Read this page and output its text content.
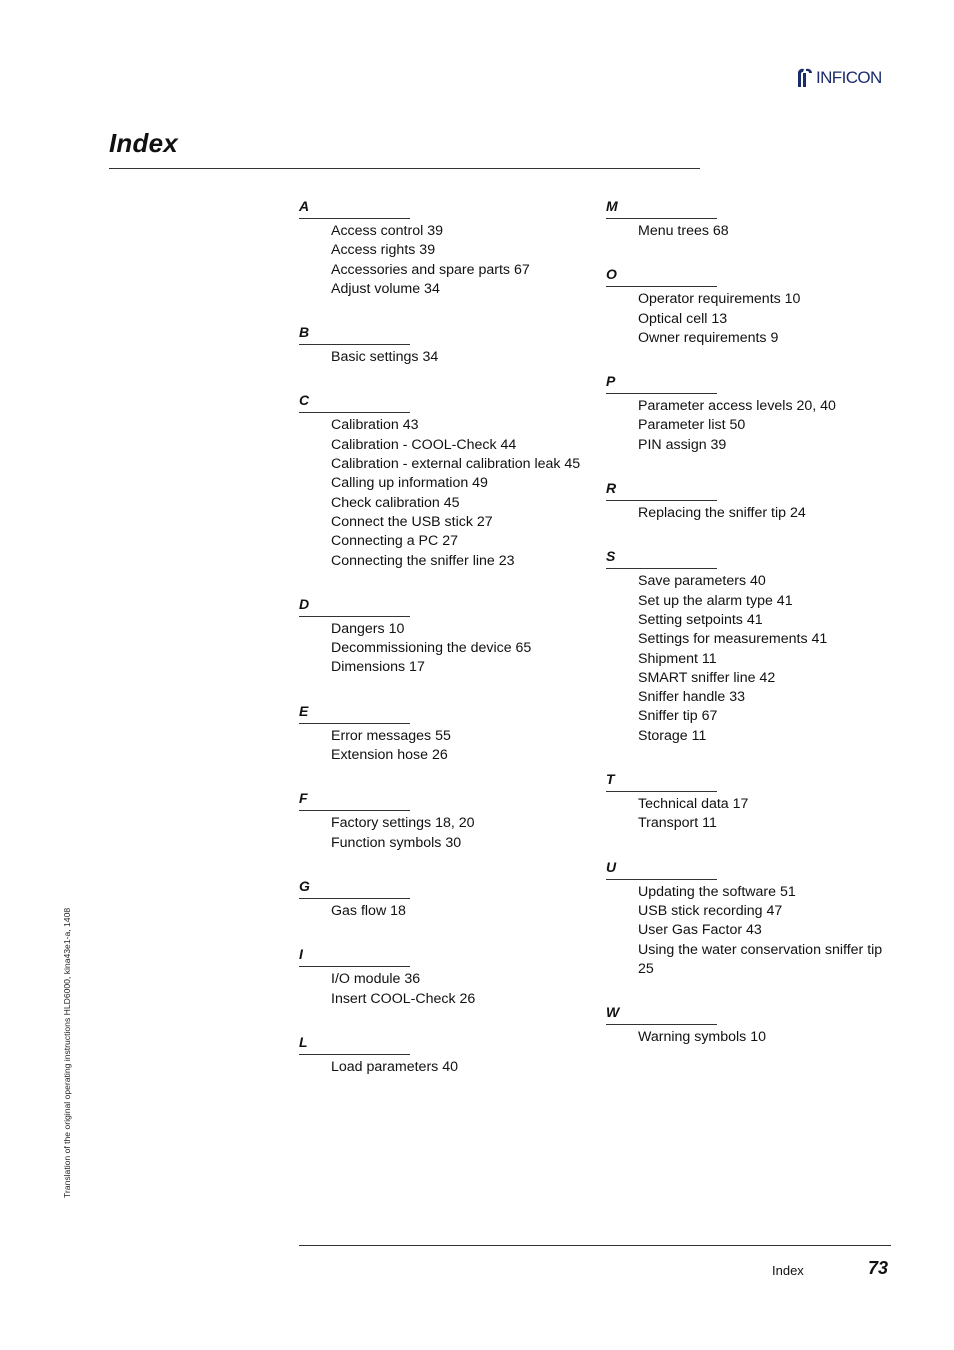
INFICON
Index
A
Access control 39
Access rights 39
Accessories and spare parts 67
Adjust volume 34
B
Basic settings 34
C
Calibration 43
Calibration - COOL-Check 44
Calibration - external calibration leak 45
Calling up information 49
Check calibration 45
Connect the USB stick 27
Connecting a PC 27
Connecting the sniffer line 23
D
Dangers 10
Decommissioning the device 65
Dimensions 17
E
Error messages 55
Extension hose 26
F
Factory settings 18, 20
Function symbols 30
G
Gas flow 18
I
I/O module 36
Insert COOL-Check 26
L
Load parameters 40
M
Menu trees 68
O
Operator requirements 10
Optical cell 13
Owner requirements 9
P
Parameter access levels 20, 40
Parameter list 50
PIN assign 39
R
Replacing the sniffer tip 24
S
Save parameters 40
Set up the alarm type 41
Setting setpoints 41
Settings for measurements 41
Shipment 11
SMART sniffer line 42
Sniffer handle 33
Sniffer tip 67
Storage 11
T
Technical data 17
Transport 11
U
Updating the software 51
USB stick recording 47
User Gas Factor 43
Using the water conservation sniffer tip 25
W
Warning symbols 10
Translation of the original operating instructions HLD6000, kina43e1-a, 1408
Index	73
